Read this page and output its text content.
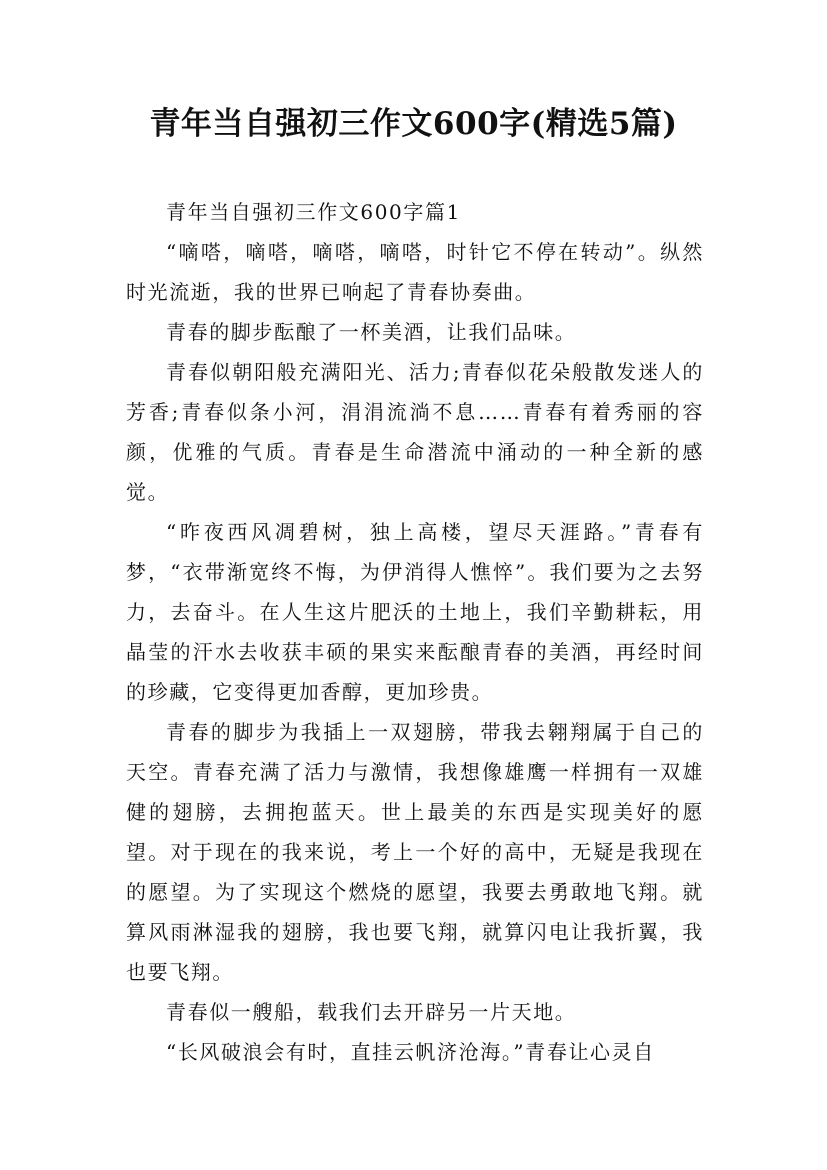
青年当自强初三作文600字(精选5篇)

青年当自强初三作文600字篇1

“嘀嗒，嘀嗒，嘀嗒，嘀嗒，时针它不停在转动”。纵然时光流逝，我的世界已响起了青春协奏曲。

青春的脚步酝酿了一杯美酒，让我们品味。

青春似朝阳般充满阳光、活力;青春似花朵般散发迷人的芳香;青春似条小河，涓涓流淌不息……青春有着秀丽的容颜，优雅的气质。青春是生命潜流中涌动的一种全新的感觉。

“昨夜西风凋碧树，独上高楼，望尽天涯路。”青春有梦，“衣带渐宽终不悔，为伊消得人憔悴”。我们要为之去努力，去奋斗。在人生这片肥沃的土地上，我们辛勤耕耘，用晶莹的汗水去收获丰硕的果实来酝酿青春的美酒，再经时间的珍藏，它变得更加香醇，更加珍贵。

青春的脚步为我插上一双翅膀，带我去翱翔属于自己的天空。青春充满了活力与激情，我想像雄鹰一样拥有一双雄健的翅膀，去拥抱蓝天。世上最美的东西是实现美好的愿望。对于现在的我来说，考上一个好的高中，无疑是我现在的愿望。为了实现这个燃烧的愿望，我要去勇敢地飞翔。就算风雨淋湿我的翅膀，我也要飞翔，就算闪电让我折翼，我也要飞翔。

青春似一艘船，载我们去开辟另一片天地。

“长风破浪会有时，直挂云帆济沧海。”青春让心灵自
